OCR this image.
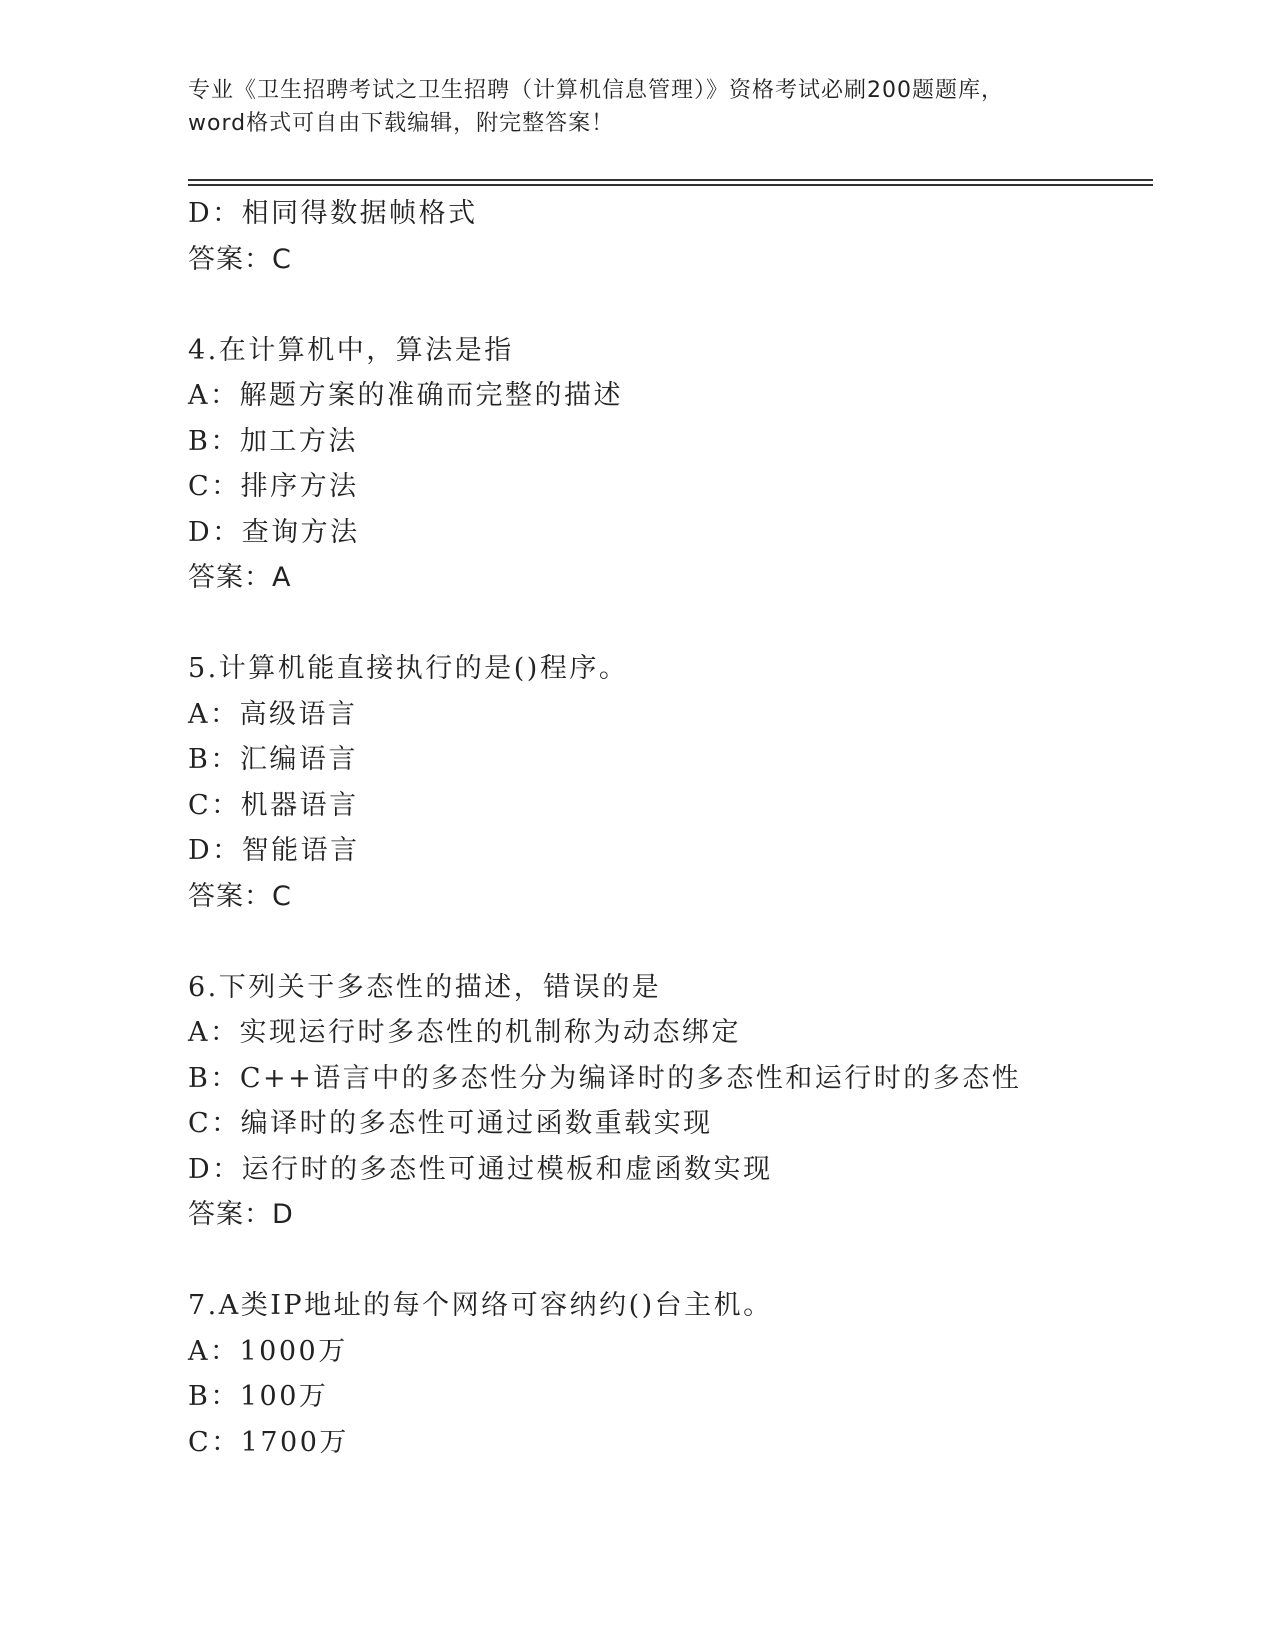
专业《卫生招聘考试之卫生招聘（计算机信息管理）》资格考试必刷200题题库，
word格式可自由下载编辑，附完整答案！
D：相同得数据帧格式
答案：C
4.在计算机中，算法是指
A：解题方案的准确而完整的描述
B：加工方法
C：排序方法
D：查询方法
答案：A
5.计算机能直接执行的是()程序。
A：高级语言
B：汇编语言
C：机器语言
D：智能语言
答案：C
6.下列关于多态性的描述，错误的是
A：实现运行时多态性的机制称为动态绑定
B：C++语言中的多态性分为编译时的多态性和运行时的多态性
C：编译时的多态性可通过函数重载实现
D：运行时的多态性可通过模板和虚函数实现
答案：D
7.A类IP地址的每个网络可容纳约()台主机。
A：1000万
B：100万
C：1700万
